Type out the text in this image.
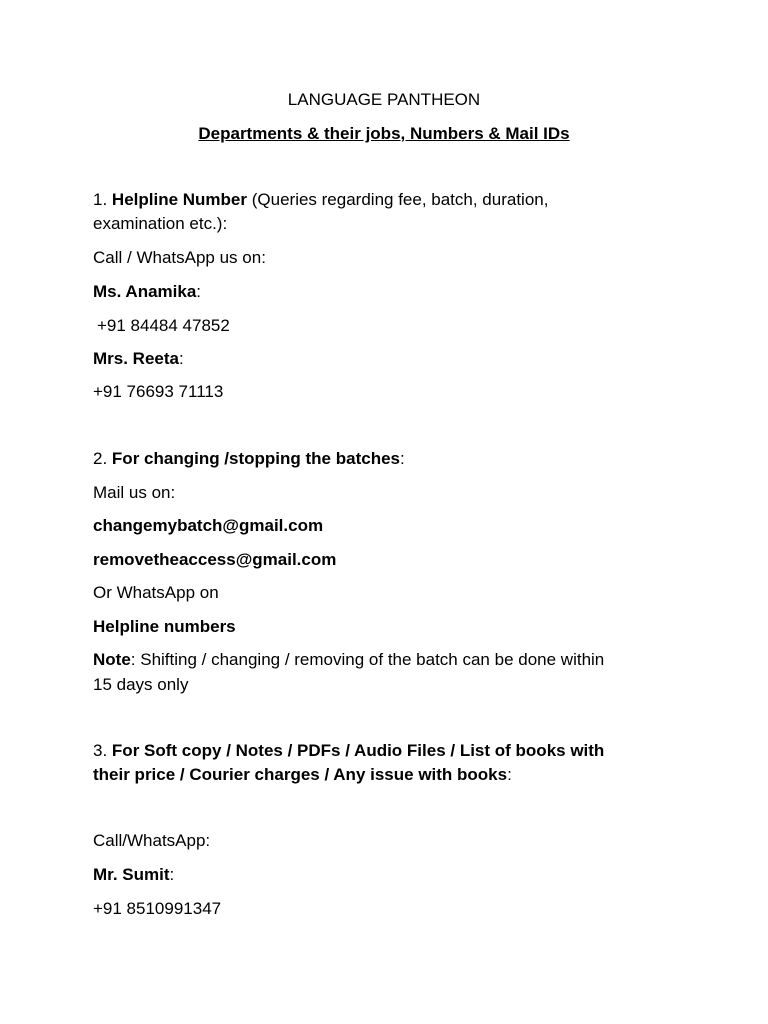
LANGUAGE PANTHEON
Departments & their jobs, Numbers & Mail IDs
1. Helpline Number (Queries regarding fee, batch, duration,
examination etc.):
Call / WhatsApp us on:
Ms. Anamika:
+91 84484 47852
Mrs. Reeta:
+91 76693 71113
2. For changing /stopping the batches:
Mail us on:
changemybatch@gmail.com
removetheaccess@gmail.com
Or WhatsApp on
Helpline numbers
Note: Shifting / changing / removing of the batch can be done within
15 days only
3. For Soft copy / Notes / PDFs / Audio Files / List of books with
their price / Courier charges / Any issue with books:
Call/WhatsApp:
Mr. Sumit:
+91 8510991347
